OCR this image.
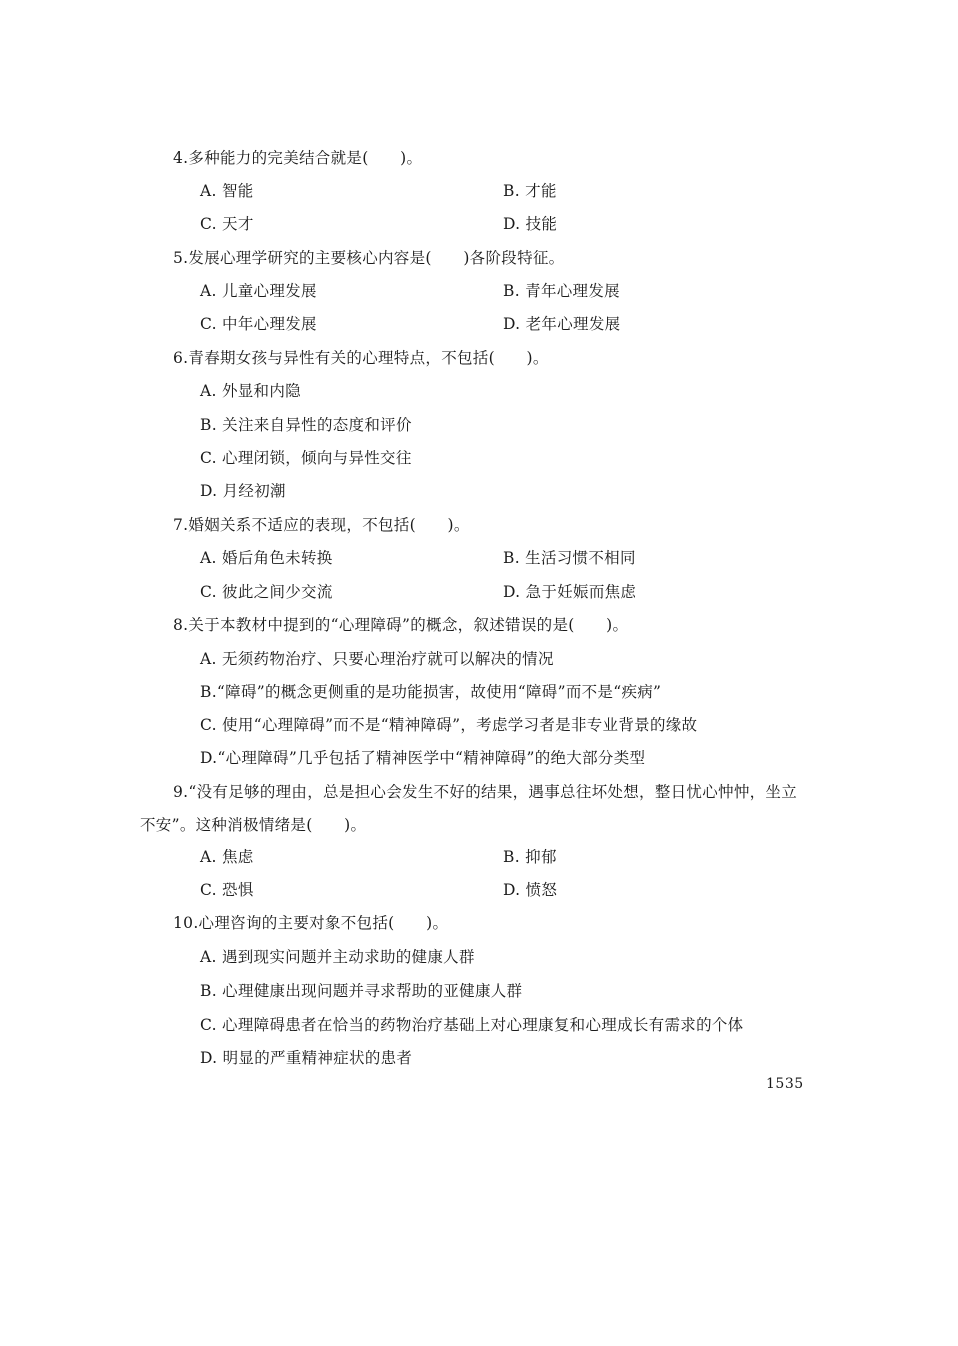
4.多种能力的完美结合就是(　　)。
A. 智能	B. 才能
C. 天才	D. 技能
5.发展心理学研究的主要核心内容是(　　)各阶段特征。
A. 儿童心理发展	B. 青年心理发展
C. 中年心理发展	D. 老年心理发展
6.青春期女孩与异性有关的心理特点，不包括(　　)。
A. 外显和内隐
B. 关注来自异性的态度和评价
C. 心理闭锁，倾向与异性交往
D. 月经初潮
7.婚姻关系不适应的表现，不包括(　　)。
A. 婚后角色未转换	B. 生活习惯不相同
C. 彼此之间少交流	D. 急于妊娠而焦虑
8.关于本教材中提到的“心理障碍”的概念，叙述错误的是(　　)。
A. 无须药物治疗、只要心理治疗就可以解决的情况
B.“障碍”的概念更侧重的是功能损害，故使用“障碍”而不是“疾病”
C. 使用“心理障碍”而不是“精神障碍”，考虑学习者是非专业背景的缘故
D.“心理障碍”几乎包括了精神医学中“精神障碍”的绝大部分类型
9.“没有足够的理由，总是担心会发生不好的结果，遇事总往坏处想，整日忧心忡忡，坐立
不安”。这种消极情绪是(　　)。
A. 焦虑	B. 抑郁
C. 恐惧	D. 愤怒
10.心理咨询的主要对象不包括(　　)。
A. 遇到现实问题并主动求助的健康人群
B. 心理健康出现问题并寻求帮助的亚健康人群
C. 心理障碍患者在恰当的药物治疗基础上对心理康复和心理成长有需求的个体
D. 明显的严重精神症状的患者
1535
